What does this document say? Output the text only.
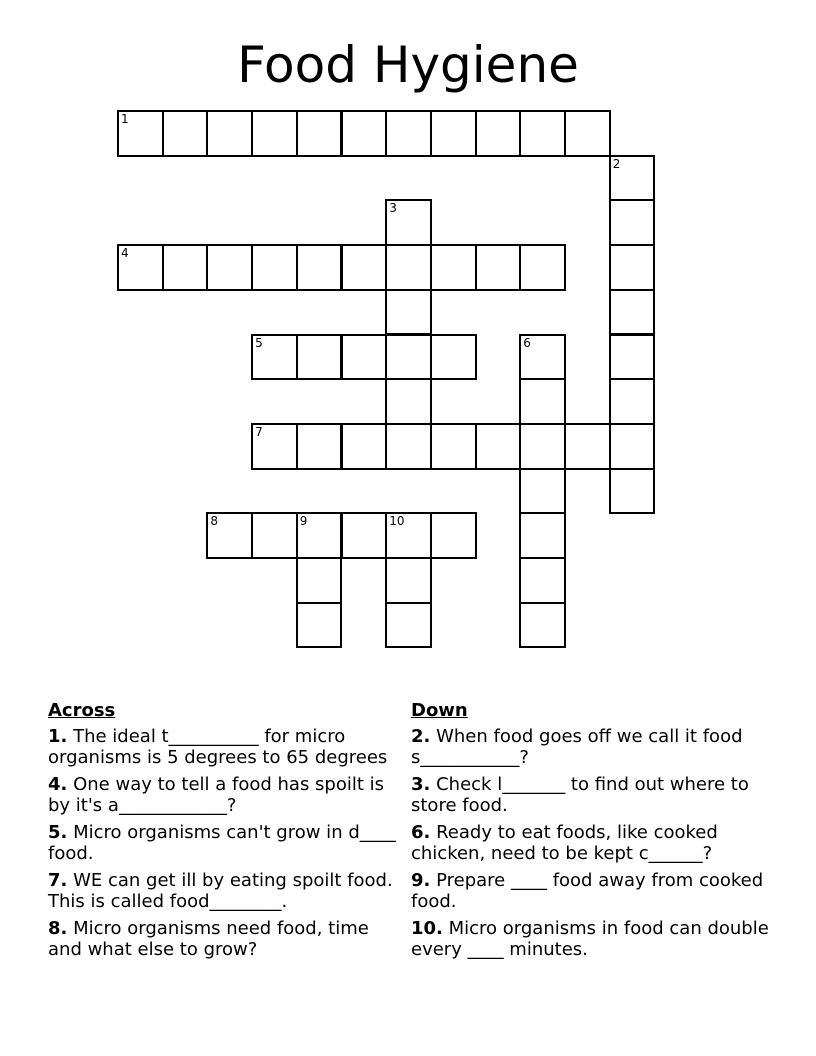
Food Hygiene
1
2
3
4
5	6
7
8	9	10
Across
1. The ideal t__________ for micro organisms is 5 degrees to 65 degrees
4. One way to tell a food has spoilt is by it's a____________?
5. Micro organisms can't grow in d____ food.
7. WE can get ill by eating spoilt food. This is called food________.
8. Micro organisms need food, time and what else to grow?
Down
2. When food goes off we call it food s___________?
3. Check l_______ to find out where to store food.
6. Ready to eat foods, like cooked chicken, need to be kept c______?
9. Prepare ____ food away from cooked food.
10. Micro organisms in food can double every ____ minutes.
